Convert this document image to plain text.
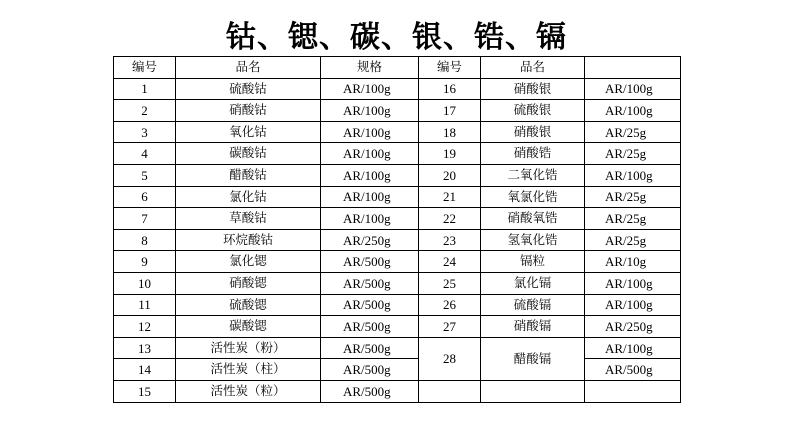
钴、锶、碳、银、锆、镉
编号	品名	规格	编号	品名	
1	硫酸钴	AR/100g	16	硝酸银	AR/100g
2	硝酸钴	AR/100g	17	硫酸银	AR/100g
3	氧化钴	AR/100g	18	硝酸银	AR/25g
4	碳酸钴	AR/100g	19	硝酸锆	AR/25g
5	醋酸钴	AR/100g	20	二氧化锆	AR/100g
6	氯化钴	AR/100g	21	氧氯化锆	AR/25g
7	草酸钴	AR/100g	22	硝酸氧锆	AR/25g
8	环烷酸钴	AR/250g	23	氢氧化锆	AR/25g
9	氯化锶	AR/500g	24	镉粒	AR/10g
10	硝酸锶	AR/500g	25	氯化镉	AR/100g
11	硫酸锶	AR/500g	26	硫酸镉	AR/100g
12	碳酸锶	AR/500g	27	硝酸镉	AR/250g
13	活性炭（粉）	AR/500g	28	醋酸镉	AR/100g
14	活性炭（柱）	AR/500g			AR/500g
15	活性炭（粒）	AR/500g			
